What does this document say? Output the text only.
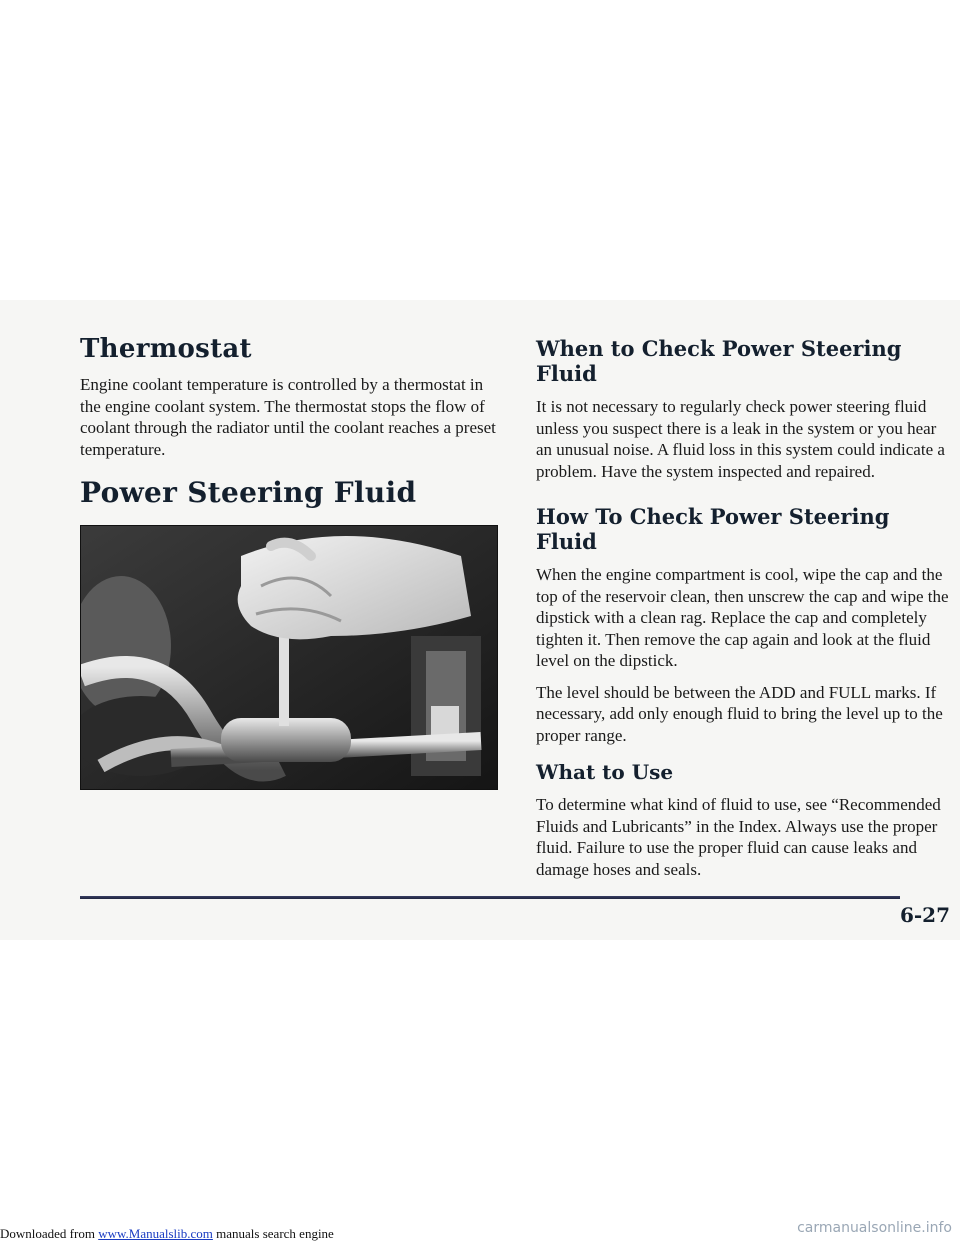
Thermostat

Engine coolant temperature is controlled by a thermostat in the engine coolant system. The thermostat stops the flow of coolant through the radiator until the coolant reaches a preset temperature.

Power Steering Fluid
When to Check Power Steering Fluid

It is not necessary to regularly check power steering fluid unless you suspect there is a leak in the system or you hear an unusual noise. A fluid loss in this system could indicate a problem. Have the system inspected and repaired.

How To Check Power Steering Fluid

When the engine compartment is cool, wipe the cap and the top of the reservoir clean, then unscrew the cap and wipe the dipstick with a clean rag. Replace the cap and completely tighten it. Then remove the cap again and look at the fluid level on the dipstick.

The level should be between the ADD and FULL marks. If necessary, add only enough fluid to bring the level up to the proper range.

What to Use

To determine what kind of fluid to use, see “Recommended Fluids and Lubricants” in the Index. Always use the proper fluid. Failure to use the proper fluid can cause leaks and damage hoses and seals.

6-27
Downloaded from www.Manualslib.com manuals search engine	carmanualsonline.info
